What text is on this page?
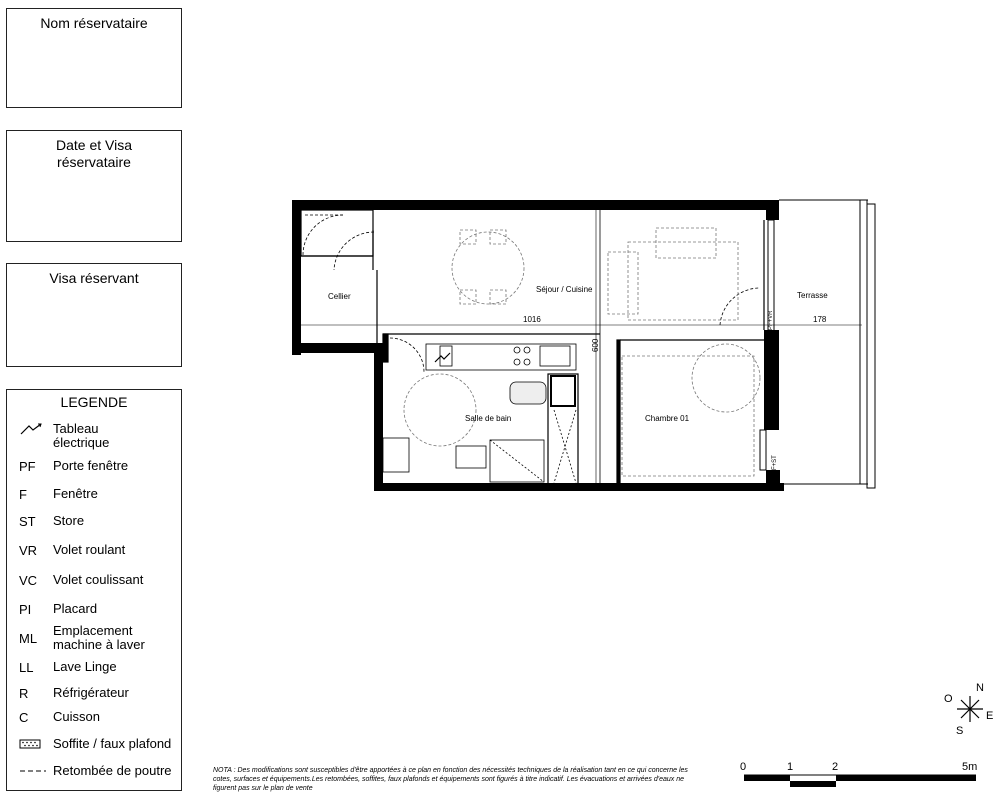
Nom réservataire
Date et Visa
réservataire
Visa réservant
LEGENDE
Tableau
électrique
PF	Porte fenêtre
F	Fenêtre
ST	Store
VR	Volet roulant
VC	Volet coulissant
PI	Placard
ML
Emplacement
machine à laver
LL	Lave Linge
R	Réfrigérateur
C	Cuisson
Soffite / faux plafond
Retombée de poutre
Cellier
Séjour / Cuisine
Terrasse
Salle de bain	Chambre 01
1016	178
600
PF+VR
F+ST
NOTA : Des modifications sont susceptibles d'être apportées à ce plan en fonction des nécessités techniques de la réalisation tant en ce qui concerne les cotes, surfaces et équipements.Les retombées, soffites, faux plafonds et équipements sont figurés à titre indicatif. Les évacuations et arrivées d'eaux ne figurent pas sur le plan de vente
N
E
S
O
0	1	2	5m
